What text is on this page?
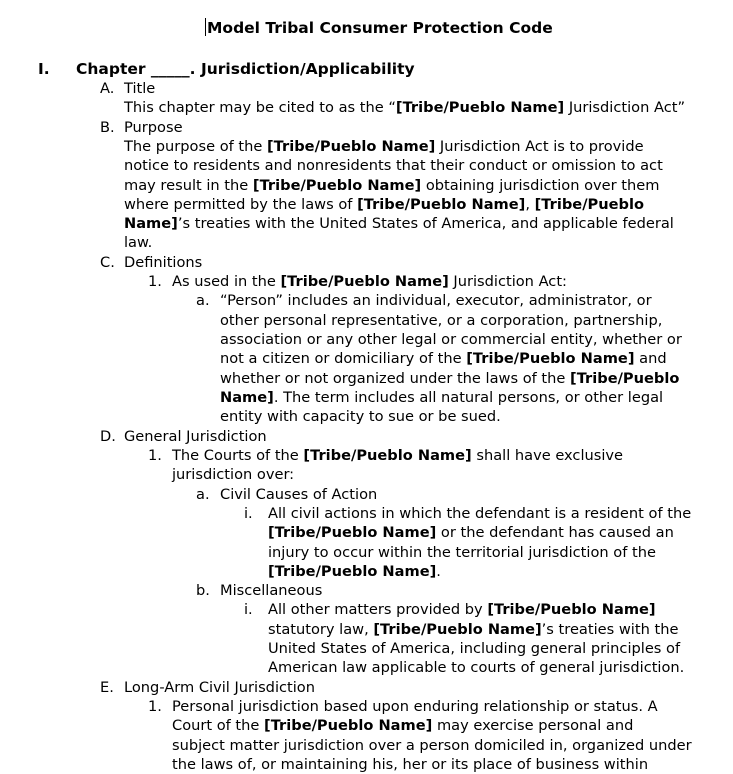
Model Tribal Consumer Protection Code
I. Chapter _____. Jurisdiction/Applicability
A. Title
This chapter may be cited to as the “[Tribe/Pueblo Name] Jurisdiction Act”
B. Purpose
The purpose of the [Tribe/Pueblo Name] Jurisdiction Act is to provide
notice to residents and nonresidents that their conduct or omission to act
may result in the [Tribe/Pueblo Name] obtaining jurisdiction over them
where permitted by the laws of [Tribe/Pueblo Name], [Tribe/Pueblo
Name]’s treaties with the United States of America, and applicable federal
law.
C. Definitions
1. As used in the [Tribe/Pueblo Name] Jurisdiction Act:
a. “Person” includes an individual, executor, administrator, or
other personal representative, or a corporation, partnership,
association or any other legal or commercial entity, whether or
not a citizen or domiciliary of the [Tribe/Pueblo Name] and
whether or not organized under the laws of the [Tribe/Pueblo
Name]. The term includes all natural persons, or other legal
entity with capacity to sue or be sued.
D. General Jurisdiction
1. The Courts of the [Tribe/Pueblo Name] shall have exclusive
jurisdiction over:
a. Civil Causes of Action
i. All civil actions in which the defendant is a resident of the
[Tribe/Pueblo Name] or the defendant has caused an
injury to occur within the territorial jurisdiction of the
[Tribe/Pueblo Name].
b. Miscellaneous
i. All other matters provided by [Tribe/Pueblo Name]
statutory law, [Tribe/Pueblo Name]’s treaties with the
United States of America, including general principles of
American law applicable to courts of general jurisdiction.
E. Long-Arm Civil Jurisdiction
1. Personal jurisdiction based upon enduring relationship or status. A
Court of the [Tribe/Pueblo Name] may exercise personal and
subject matter jurisdiction over a person domiciled in, organized under
the laws of, or maintaining his, her or its place of business within
